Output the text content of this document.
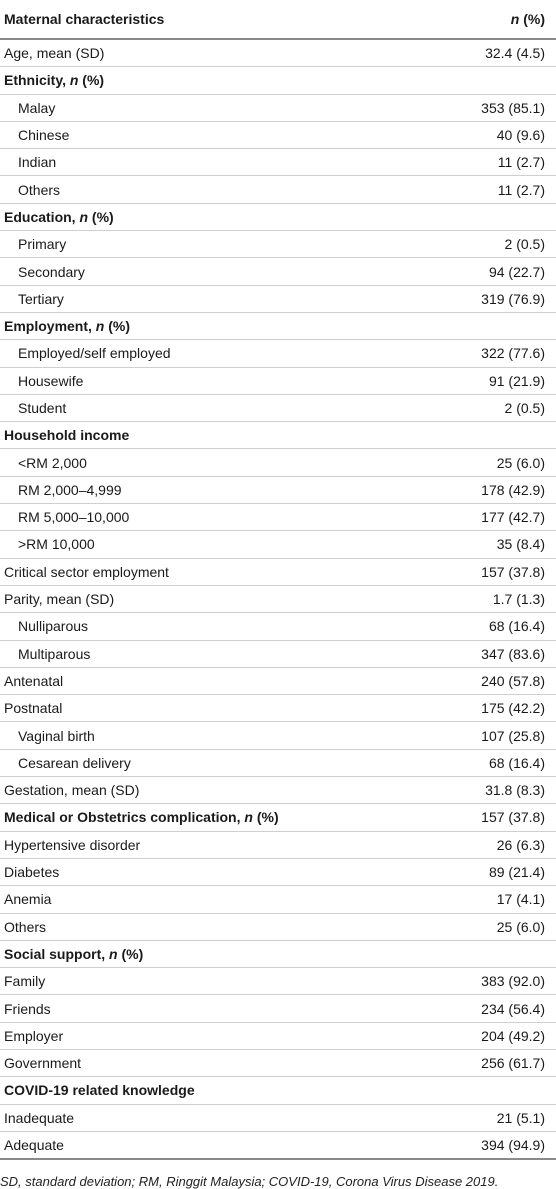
Maternal characteristics	n (%)
Age, mean (SD)	32.4 (4.5)
Ethnicity, n (%)
Malay	353 (85.1)
Chinese	40 (9.6)
Indian	11 (2.7)
Others	11 (2.7)
Education, n (%)
Primary	2 (0.5)
Secondary	94 (22.7)
Tertiary	319 (76.9)
Employment, n (%)
Employed/self employed	322 (77.6)
Housewife	91 (21.9)
Student	2 (0.5)
Household income
<RM 2,000	25 (6.0)
RM 2,000–4,999	178 (42.9)
RM 5,000–10,000	177 (42.7)
>RM 10,000	35 (8.4)
Critical sector employment	157 (37.8)
Parity, mean (SD)	1.7 (1.3)
Nulliparous	68 (16.4)
Multiparous	347 (83.6)
Antenatal	240 (57.8)
Postnatal	175 (42.2)
Vaginal birth	107 (25.8)
Cesarean delivery	68 (16.4)
Gestation, mean (SD)	31.8 (8.3)
Medical or Obstetrics complication, n (%)	157 (37.8)
Hypertensive disorder	26 (6.3)
Diabetes	89 (21.4)
Anemia	17 (4.1)
Others	25 (6.0)
Social support, n (%)
Family	383 (92.0)
Friends	234 (56.4)
Employer	204 (49.2)
Government	256 (61.7)
COVID-19 related knowledge
Inadequate	21 (5.1)
Adequate	394 (94.9)
SD, standard deviation; RM, Ringgit Malaysia; COVID-19, Corona Virus Disease 2019.
